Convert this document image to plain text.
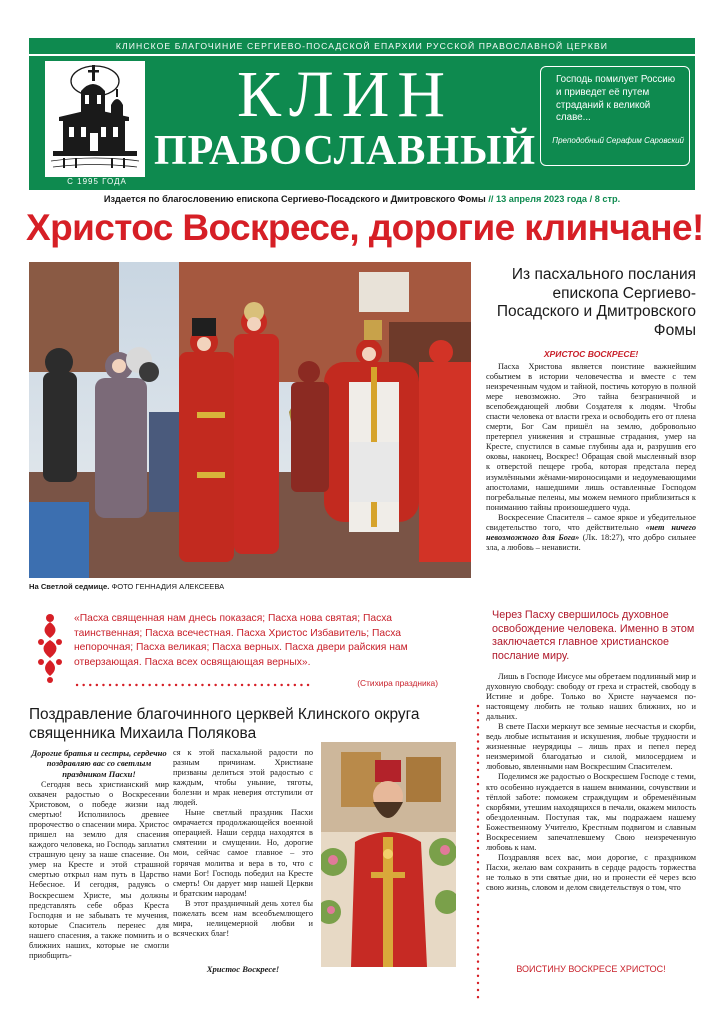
КЛИНСКОЕ БЛАГОЧИНИЕ СЕРГИЕВО-ПОСАДСКОЙ ЕПАРХИИ РУССКОЙ ПРАВОСЛАВНОЙ ЦЕРКВИ
С 1995 ГОДА
КЛИН
ПРАВОСЛАВНЫЙ
Господь помилует Россию и приведет её путем страданий к великой славе...
Преподобный Серафим Саровский
Издается по благословению епископа Сергиево-Посадского и Дмитровского Фомы // 13 апреля 2023 года / 8 стр.
Христос Воскресе, дорогие клинчане!
На Светлой седмице. ФОТО ГЕННАДИЯ АЛЕКСЕЕВА
Из пасхального послания епископа Сергиево-Посадского и Дмитровского Фомы
ХРИСТОС ВОСКРЕСЕ!

Пасха Христова является поистине важнейшим событием в истории человечества и вместе с тем неизреченным чудом и тайной, постичь которую в полной мере невозможно. Это тайна безграничной и всепобеждающей любви Создателя к людям. Чтобы спасти человека от власти греха и освободить его от плена смерти, Бог Сам пришёл на землю, добровольно претерпел унижения и страшные страдания, умер на Кресте, спустился в самые глубины ада и, разрушив его оковы, наконец, Воскрес! Обращая свой мысленный взор к отверстой пещере гроба, которая предстала перед изумлёнными жёнами-мироносицами и недоумевающими апостолами, нашедшими лишь оставленные Господом погребальные пелены, мы можем немного приблизиться к пониманию тайны произошедшего чуда.

Воскресение Спасителя – самое яркое и убедительное свидетельство того, что действительно «нет ничего невозможного для Бога» (Лк. 18:27), что добро сильнее зла, а любовь – ненависти.

Через Пасху свершилось духовное освобождение человека. Именно в этом заключается главное христианское послание миру.

Лишь в Господе Иисусе мы обретаем подлинный мир и духовную свободу: свободу от греха и страстей, свободу в Истине и добре. Только во Христе научаемся по-настоящему любить не только наших ближних, но и дальних.

В свете Пасхи меркнут все земные несчастья и скорби, ведь любые испытания и искушения, любые трудности и жизненные неурядицы – лишь прах и пепел перед неизмеримой благодатью и силой, милосердием и любовью, явленными нам Воскресшим Спасителем.

Поделимся же радостью о Воскресшем Господе с теми, кто особенно нуждается в нашем внимании, сочувствии и тёплой заботе: поможем страждущим и обременённым скорбями, утешим находящихся в печали, окажем милость обездоленным. Поступая так, мы подражаем нашему Божественному Учителю, Крестным подвигом и славным Воскресением запечатлевшему Свою неизреченную любовь к нам.

Поздравляя всех вас, мои дорогие, с праздником Пасхи, желаю вам сохранить в сердце радость торжества не только в эти святые дни, но и пронести её через всю свою жизнь, словом и делом свидетельствуя о том, что

ВОИСТИНУ ВОСКРЕСЕ ХРИСТОС!
«Пасха священная нам днесь показася; Пасха нова святая; Пасха таинственная; Пасха всечестная. Пасха Христос Избавитель; Пасха непорочная; Пасха великая; Пасха верных. Пасха двери райския нам отверзающая. Пасха всех освящающая верных».
(Стихира праздника)
Поздравление благочинного церквей Клинского округа священника Михаила Полякова
Дорогие братья и сестры, сердечно поздравляю вас со светлым праздником Пасхи!

Сегодня весь христианский мир охвачен радостью о Воскресении Христовом, о победе жизни над смертью! Исполнилось древнее пророчество о спасении мира. Христос пришел на землю для спасения каждого человека, но Господь заплатил страшную цену за наше спасение. Он умер на Кресте и этой страшной смертью открыл нам путь в Царство Небесное. И сегодня, радуясь о Воскресшем Христе, мы должны представлять себе образ Креста Господня и не забывать те мучения, которые Спаситель перенес для нашего спасения, а также помнить и о ближних наших, которые не смогли приобщить-

ся к этой пасхальной радости по разным причинам. Христиане призваны делиться этой радостью с каждым, чтобы уныние, тяготы, болезни и мрак неверия отступили от людей.

Ныне светлый праздник Пасхи омрачается продолжающейся военной операцией. Наши сердца находятся в смятении и смущении. Но, дорогие мои, сейчас самое главное – это горячая молитва и вера в то, что с нами Бог! Господь победил на Кресте смерть! Он дарует мир нашей Церкви и братским народам!

В этот праздничный день хотел бы пожелать всем нам всеобъемлющего мира, нелицемерной любви и всяческих благ!

Христос Воскресе!
